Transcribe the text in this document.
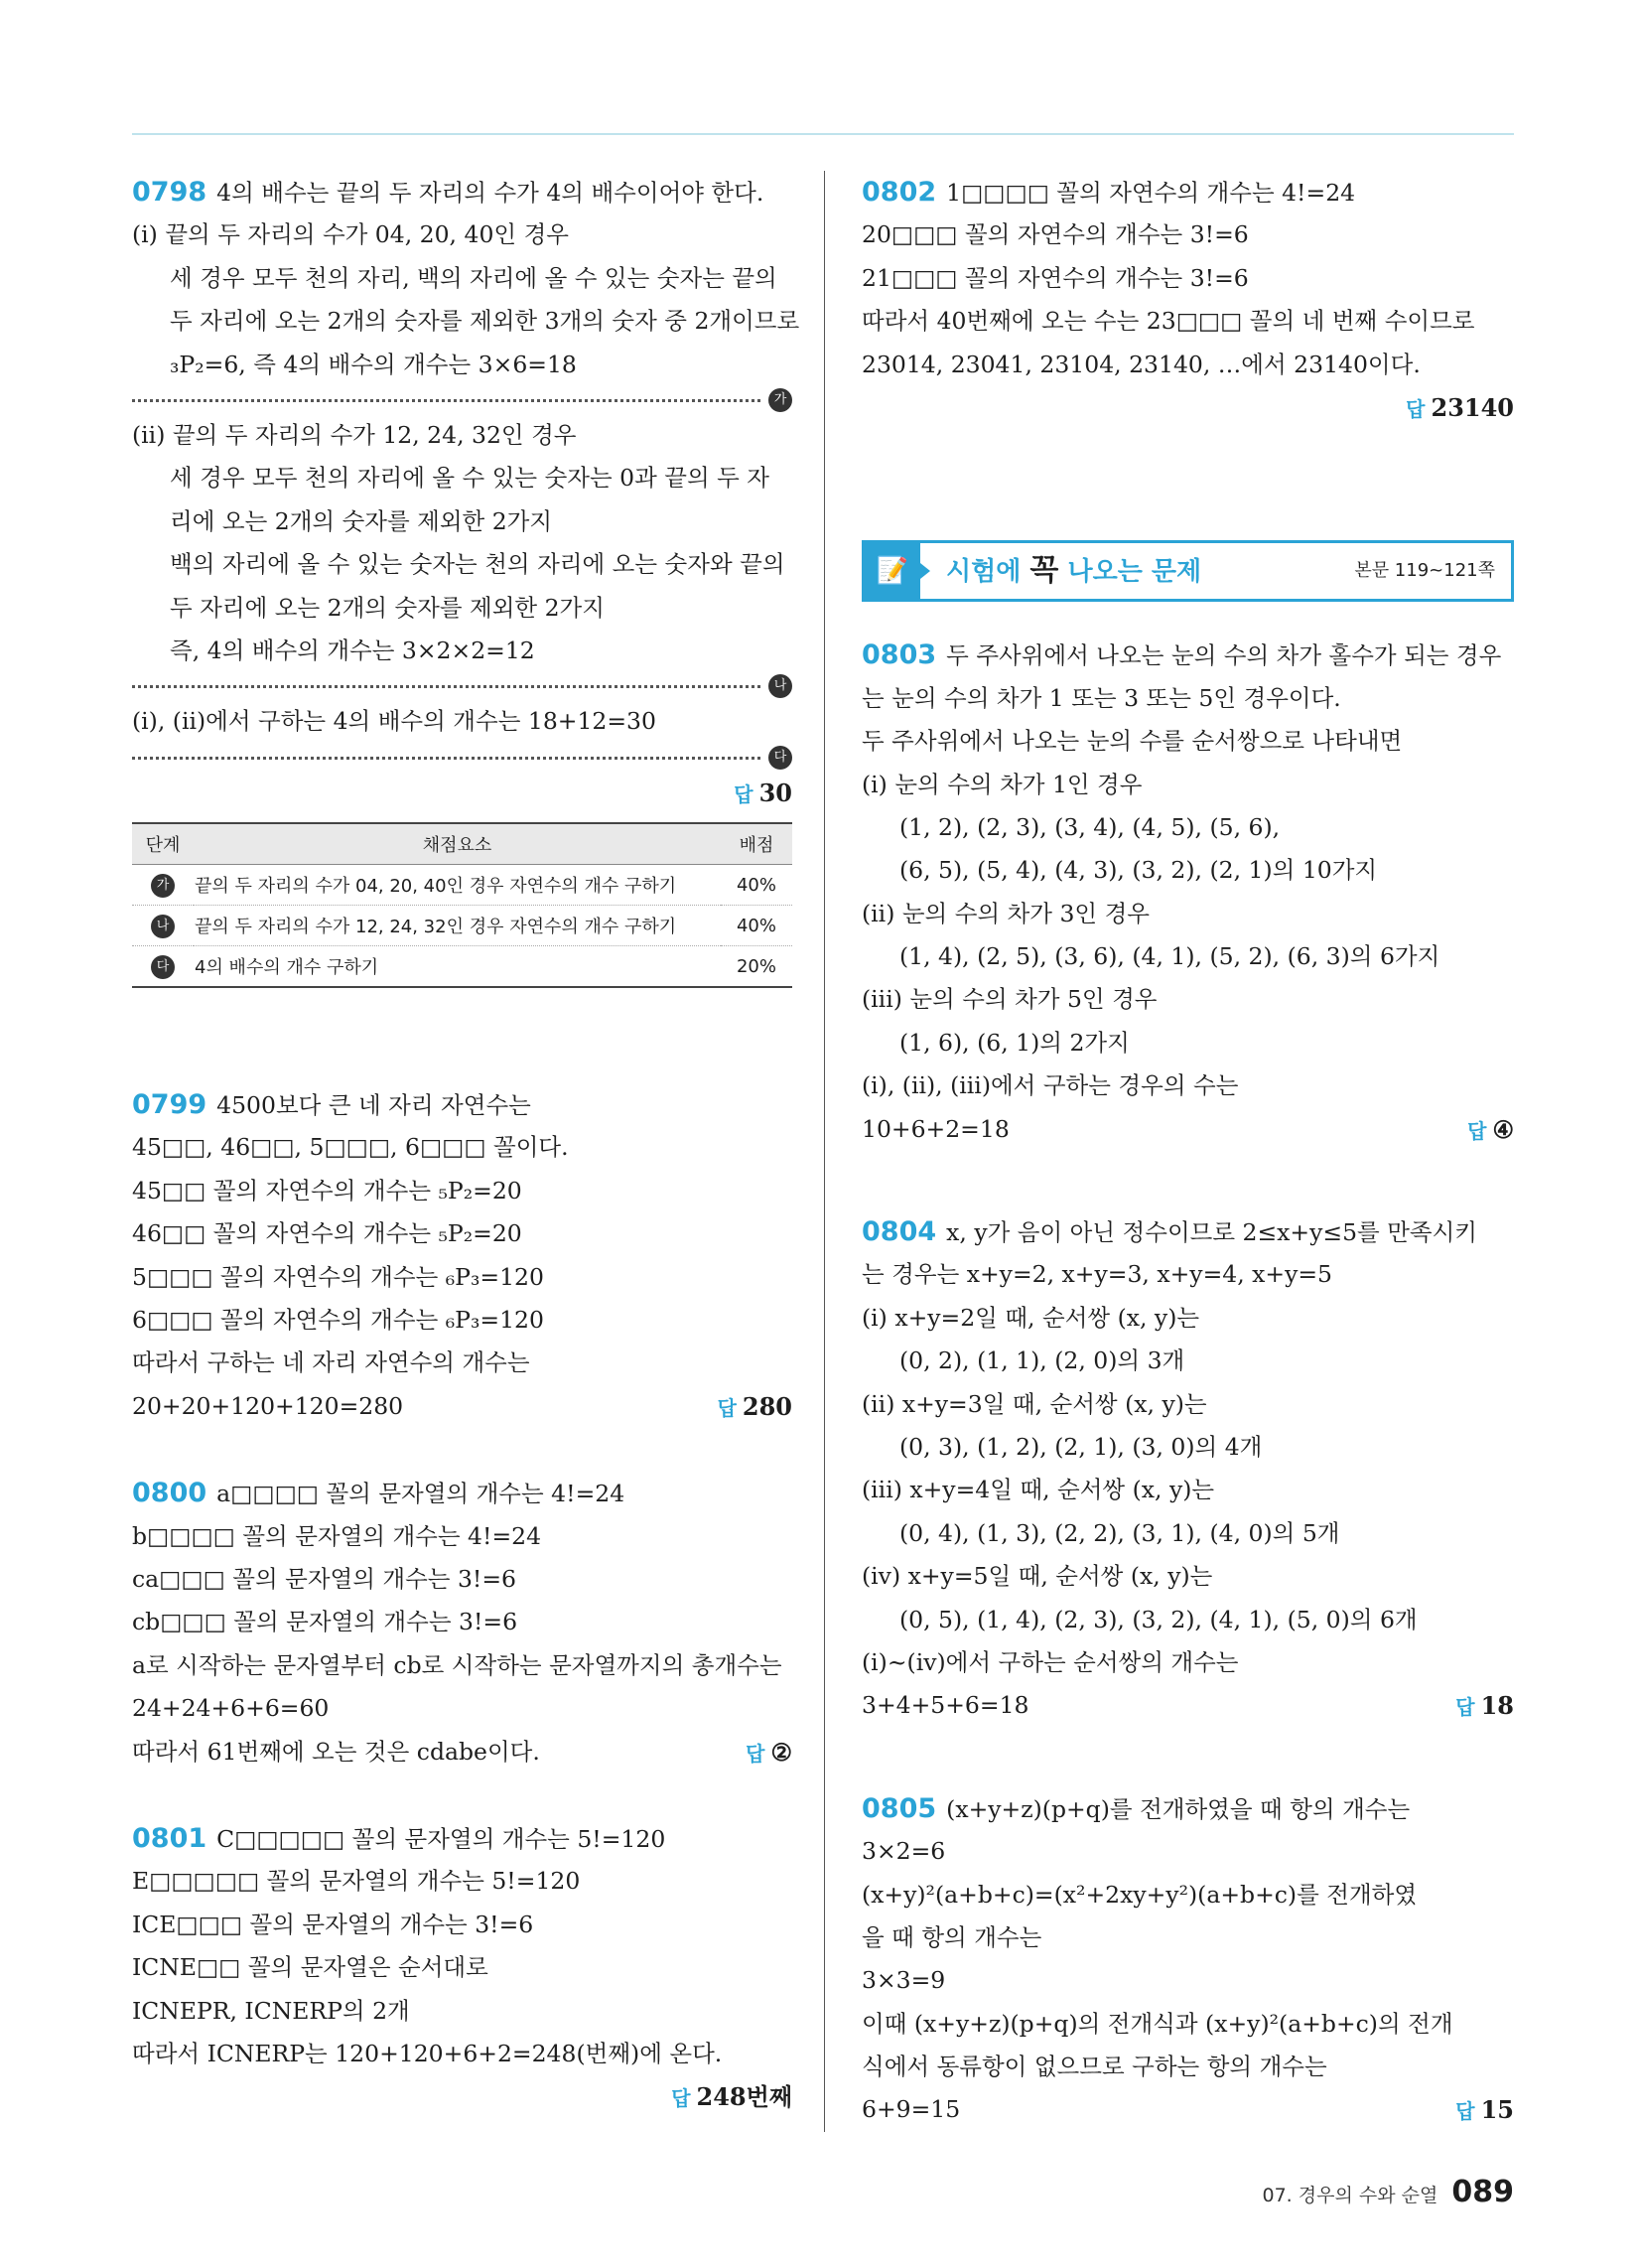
0798 4의 배수는 끝의 두 자리의 수가 4의 배수이어야 한다.
(i) 끝의 두 자리의 수가 04, 20, 40인 경우
세 경우 모두 천의 자리, 백의 자리에 올 수 있는 숫자는 끝의
두 자리에 오는 2개의 숫자를 제외한 3개의 숫자 중 2개이므로
₃P₂=6, 즉 4의 배수의 개수는 3×6=18
가
(ii) 끝의 두 자리의 수가 12, 24, 32인 경우
세 경우 모두 천의 자리에 올 수 있는 숫자는 0과 끝의 두 자
리에 오는 2개의 숫자를 제외한 2가지
백의 자리에 올 수 있는 숫자는 천의 자리에 오는 숫자와 끝의
두 자리에 오는 2개의 숫자를 제외한 2가지
즉, 4의 배수의 개수는 3×2×2=12
나
(i), (ii)에서 구하는 4의 배수의 개수는 18+12=30
다
답 30
단계	채점요소	배점
가	끝의 두 자리의 수가 04, 20, 40인 경우 자연수의 개수 구하기	40%
나	끝의 두 자리의 수가 12, 24, 32인 경우 자연수의 개수 구하기	40%
다	4의 배수의 개수 구하기	20%
0799 4500보다 큰 네 자리 자연수는
45□□, 46□□, 5□□□, 6□□□ 꼴이다.
45□□ 꼴의 자연수의 개수는 ₅P₂=20
46□□ 꼴의 자연수의 개수는 ₅P₂=20
5□□□ 꼴의 자연수의 개수는 ₆P₃=120
6□□□ 꼴의 자연수의 개수는 ₆P₃=120
따라서 구하는 네 자리 자연수의 개수는
20+20+120+120=280	답 280
0800 a□□□□ 꼴의 문자열의 개수는 4!=24
b□□□□ 꼴의 문자열의 개수는 4!=24
ca□□□ 꼴의 문자열의 개수는 3!=6
cb□□□ 꼴의 문자열의 개수는 3!=6
a로 시작하는 문자열부터 cb로 시작하는 문자열까지의 총개수는
24+24+6+6=60
따라서 61번째에 오는 것은 cdabe이다.	답 ②
0801 C□□□□□ 꼴의 문자열의 개수는 5!=120
E□□□□□ 꼴의 문자열의 개수는 5!=120
ICE□□□ 꼴의 문자열의 개수는 3!=6
ICNE□□ 꼴의 문자열은 순서대로
ICNEPR, ICNERP의 2개
따라서 ICNERP는 120+120+6+2=248(번째)에 온다.
답 248번째
0802 1□□□□ 꼴의 자연수의 개수는 4!=24
20□□□ 꼴의 자연수의 개수는 3!=6
21□□□ 꼴의 자연수의 개수는 3!=6
따라서 40번째에 오는 수는 23□□□ 꼴의 네 번째 수이므로
23014, 23041, 23104, 23140, …에서 23140이다.
답 23140
📝	시험에 꼭 나오는 문제	본문 119~121쪽
0803 두 주사위에서 나오는 눈의 수의 차가 홀수가 되는 경우
는 눈의 수의 차가 1 또는 3 또는 5인 경우이다.
두 주사위에서 나오는 눈의 수를 순서쌍으로 나타내면
(i) 눈의 수의 차가 1인 경우
(1, 2), (2, 3), (3, 4), (4, 5), (5, 6),
(6, 5), (5, 4), (4, 3), (3, 2), (2, 1)의 10가지
(ii) 눈의 수의 차가 3인 경우
(1, 4), (2, 5), (3, 6), (4, 1), (5, 2), (6, 3)의 6가지
(iii) 눈의 수의 차가 5인 경우
(1, 6), (6, 1)의 2가지
(i), (ii), (iii)에서 구하는 경우의 수는
10+6+2=18	답 ④
0804 x, y가 음이 아닌 정수이므로 2≤x+y≤5를 만족시키
는 경우는 x+y=2, x+y=3, x+y=4, x+y=5
(i) x+y=2일 때, 순서쌍 (x, y)는
(0, 2), (1, 1), (2, 0)의 3개
(ii) x+y=3일 때, 순서쌍 (x, y)는
(0, 3), (1, 2), (2, 1), (3, 0)의 4개
(iii) x+y=4일 때, 순서쌍 (x, y)는
(0, 4), (1, 3), (2, 2), (3, 1), (4, 0)의 5개
(iv) x+y=5일 때, 순서쌍 (x, y)는
(0, 5), (1, 4), (2, 3), (3, 2), (4, 1), (5, 0)의 6개
(i)~(iv)에서 구하는 순서쌍의 개수는
3+4+5+6=18	답 18
0805 (x+y+z)(p+q)를 전개하였을 때 항의 개수는
3×2=6
(x+y)²(a+b+c)=(x²+2xy+y²)(a+b+c)를 전개하였
을 때 항의 개수는
3×3=9
이때 (x+y+z)(p+q)의 전개식과 (x+y)²(a+b+c)의 전개
식에서 동류항이 없으므로 구하는 항의 개수는
6+9=15	답 15
07. 경우의 수와 순열 089
